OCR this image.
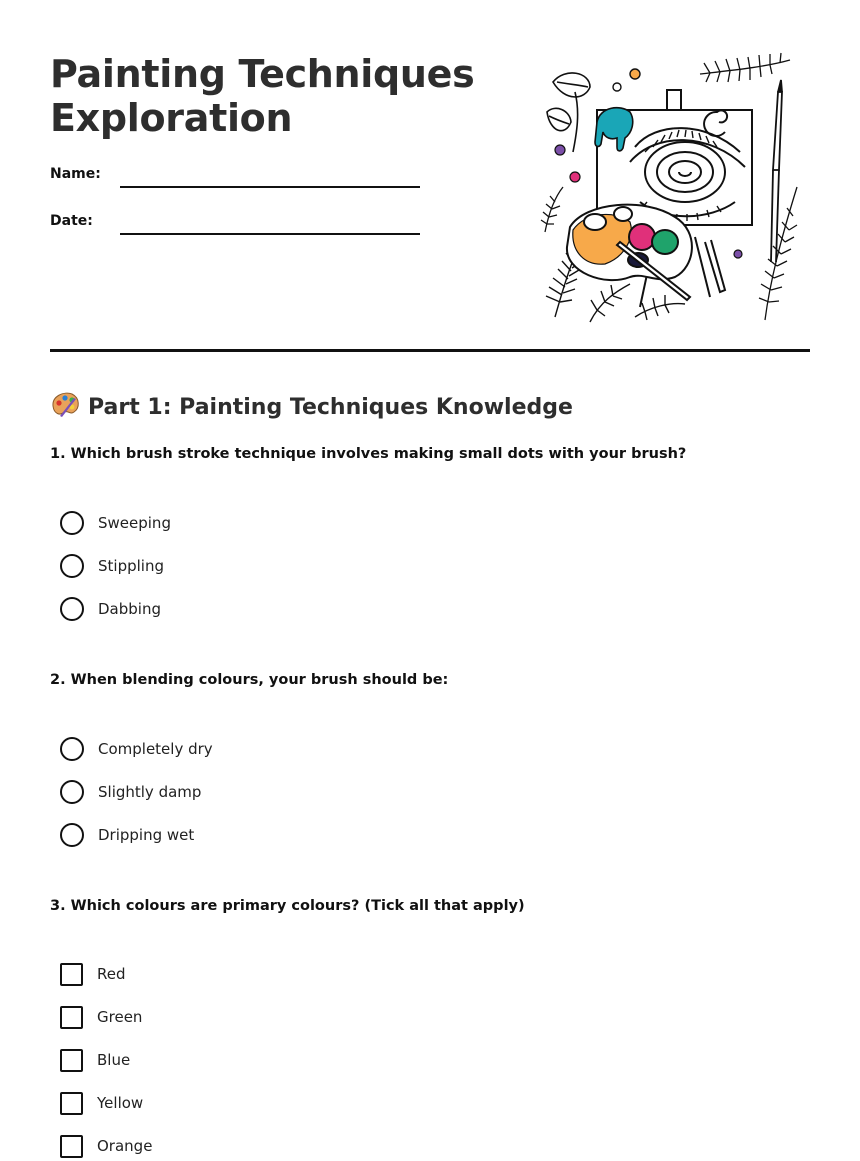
Painting Techniques
Exploration
Name:
Date:
Part 1: Painting Techniques Knowledge

1. Which brush stroke technique involves making small dots with your brush?

Sweeping
Stippling
Dabbing

2. When blending colours, your brush should be:

Completely dry
Slightly damp
Dripping wet

3. Which colours are primary colours? (Tick all that apply)

Red
Green
Blue
Yellow
Orange
